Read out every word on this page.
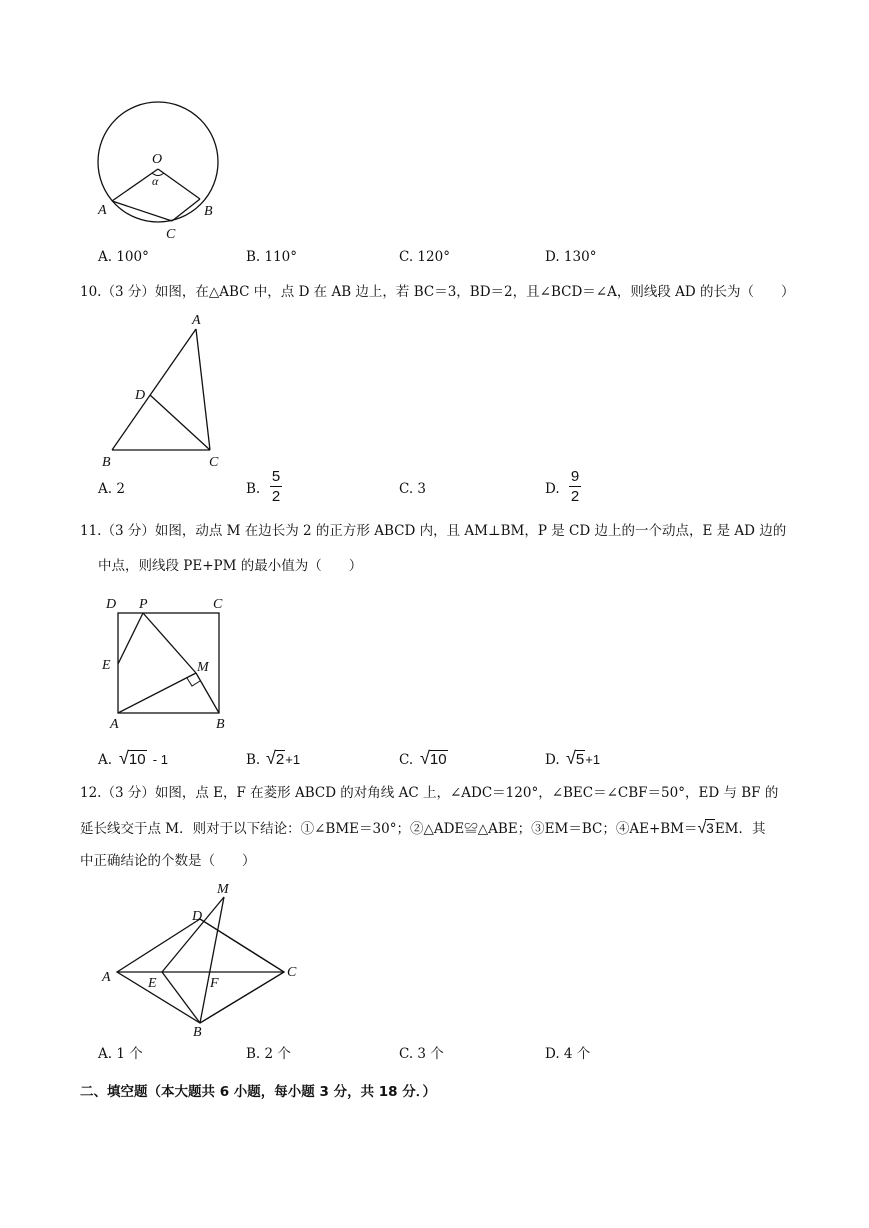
O
α
A	B
C
A. 100°	B. 110°	C. 120°	D. 130°
10.（3 分）如图，在△ABC 中，点 D 在 AB 边上，若 BC＝3，BD＝2，且∠BCD＝∠A，则线段 AD 的长为（　　）
A
D
B	C
A. 2	B.
5
2	C. 3	D.
9
2
11.（3 分）如图，动点 M 在边长为 2 的正方形 ABCD 内，且 AM⊥BM，P 是 CD 边上的一个动点，E 是 AD 边的
中点，则线段 PE+PM 的最小值为（　　）
D P	C
E	M
A	B
A. √10 - 1	B. √2+1	C. √10	D. √5+1
12.（3 分）如图，点 E，F 在菱形 ABCD 的对角线 AC 上，∠ADC＝120°，∠BEC＝∠CBF＝50°，ED 与 BF 的
延长线交于点 M．则对于以下结论：①∠BME＝30°；②△ADE≌△ABE；③EM＝BC；④AE+BM＝√3EM．其
中正确结论的个数是（　　）
M
D
A	E	F
C
B
A. 1 个	B. 2 个	C. 3 个	D. 4 个
二、填空题（本大题共 6 小题，每小题 3 分，共 18 分．）
